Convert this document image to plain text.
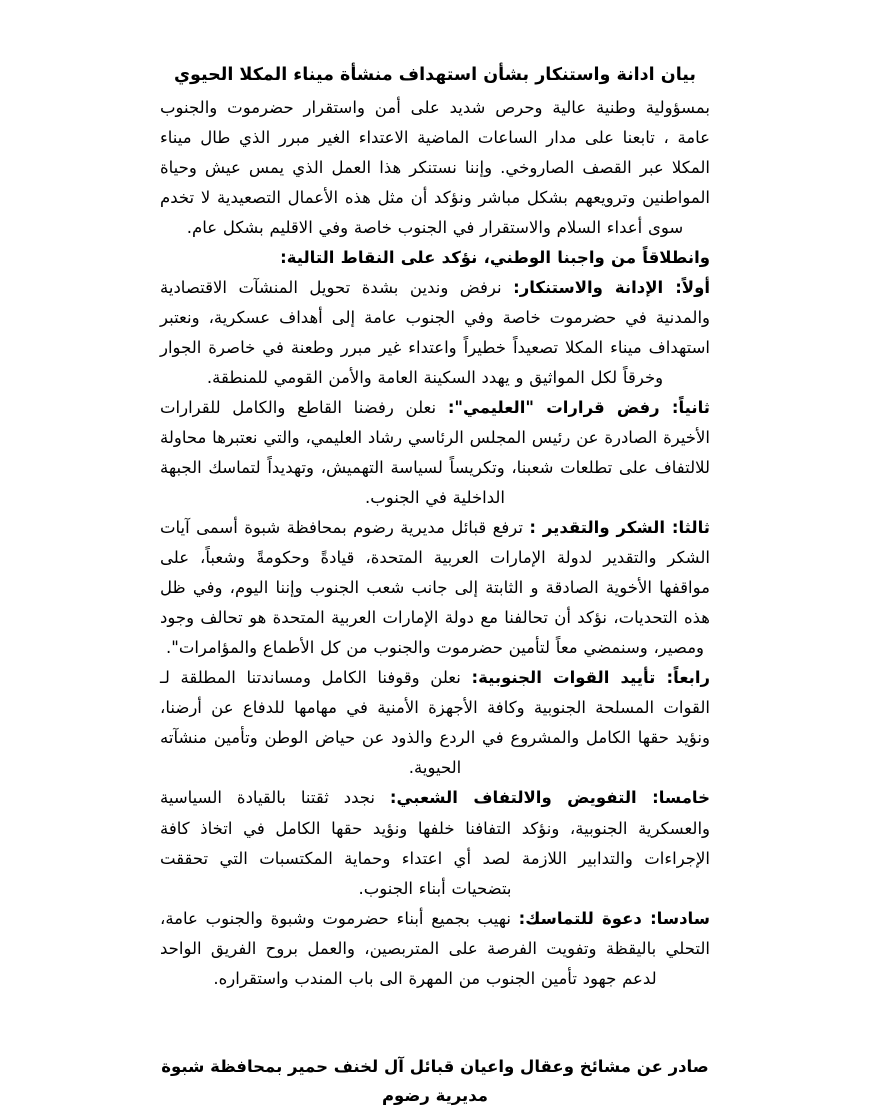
بيان ادانة واستنكار بشأن استهداف منشأة ميناء المكلا الحيوي

بمسؤولية وطنية عالية وحرص شديد على أمن واستقرار حضرموت والجنوب عامة ، تابعنا على مدار الساعات الماضية الاعتداء الغير مبرر الذي طال ميناء المكلا عبر القصف الصاروخي. وإننا نستنكر هذا العمل الذي يمس عيش وحياة المواطنين وترويعهم بشكل مباشر ونؤكد أن مثل هذه الأعمال التصعيدية لا تخدم سوى أعداء السلام والاستقرار في الجنوب خاصة وفي الاقليم بشكل عام.

وانطلاقاً من واجبنا الوطني، نؤكد على النقاط التالية:

أولاً: الإدانة والاستنكار: نرفض وندين بشدة تحويل المنشآت الاقتصادية والمدنية في حضرموت خاصة وفي الجنوب عامة إلى أهداف عسكرية، ونعتبر استهداف ميناء المكلا تصعيداً خطيراً واعتداء غير مبرر وطعنة في خاصرة الجوار وخرقاً لكل المواثيق و يهدد السكينة العامة والأمن القومي للمنطقة.

ثانياً: رفض قرارات "العليمي": نعلن رفضنا القاطع والكامل للقرارات الأخيرة الصادرة عن رئيس المجلس الرئاسي رشاد العليمي، والتي نعتبرها محاولة للالتفاف على تطلعات شعبنا، وتكريساً لسياسة التهميش، وتهديداً لتماسك الجبهة الداخلية في الجنوب.

ثالثا: الشكر والتقدير : ترفع قبائل مديرية رضوم بمحافظة شبوة أسمى آيات الشكر والتقدير لدولة الإمارات العربية المتحدة، قيادةً وحكومةً وشعباً، على مواقفها الأخوية الصادقة و الثابتة إلى جانب شعب الجنوب وإننا اليوم، وفي ظل هذه التحديات، نؤكد أن تحالفنا مع دولة الإمارات العربية المتحدة هو تحالف وجود ومصير، وسنمضي معاً لتأمين حضرموت والجنوب من كل الأطماع والمؤامرات".

رابعاً: تأييد القوات الجنوبية: نعلن وقوفنا الكامل ومساندتنا المطلقة لـ القوات المسلحة الجنوبية وكافة الأجهزة الأمنية في مهامها للدفاع عن أرضنا، ونؤيد حقها الكامل والمشروع في الردع والذود عن حياض الوطن وتأمين منشآته الحيوية.

خامسا: التفويض والالتفاف الشعبي: نجدد ثقتنا بالقيادة السياسية والعسكرية الجنوبية، ونؤكد التفافنا خلفها ونؤيد حقها الكامل في اتخاذ كافة الإجراءات والتدابير اللازمة لصد أي اعتداء وحماية المكتسبات التي تحققت بتضحيات أبناء الجنوب.

سادسا: دعوة للتماسك: نهيب بجميع أبناء حضرموت وشبوة والجنوب عامة، التحلي باليقظة وتفويت الفرصة على المتربصين، والعمل بروح الفريق الواحد لدعم جهود تأمين الجنوب من المهرة الى باب المندب واستقراره.

صادر عن مشائخ وعقال واعيان قبائل آل لخنف حمير بمحافظة شبوة مديرية رضوم
